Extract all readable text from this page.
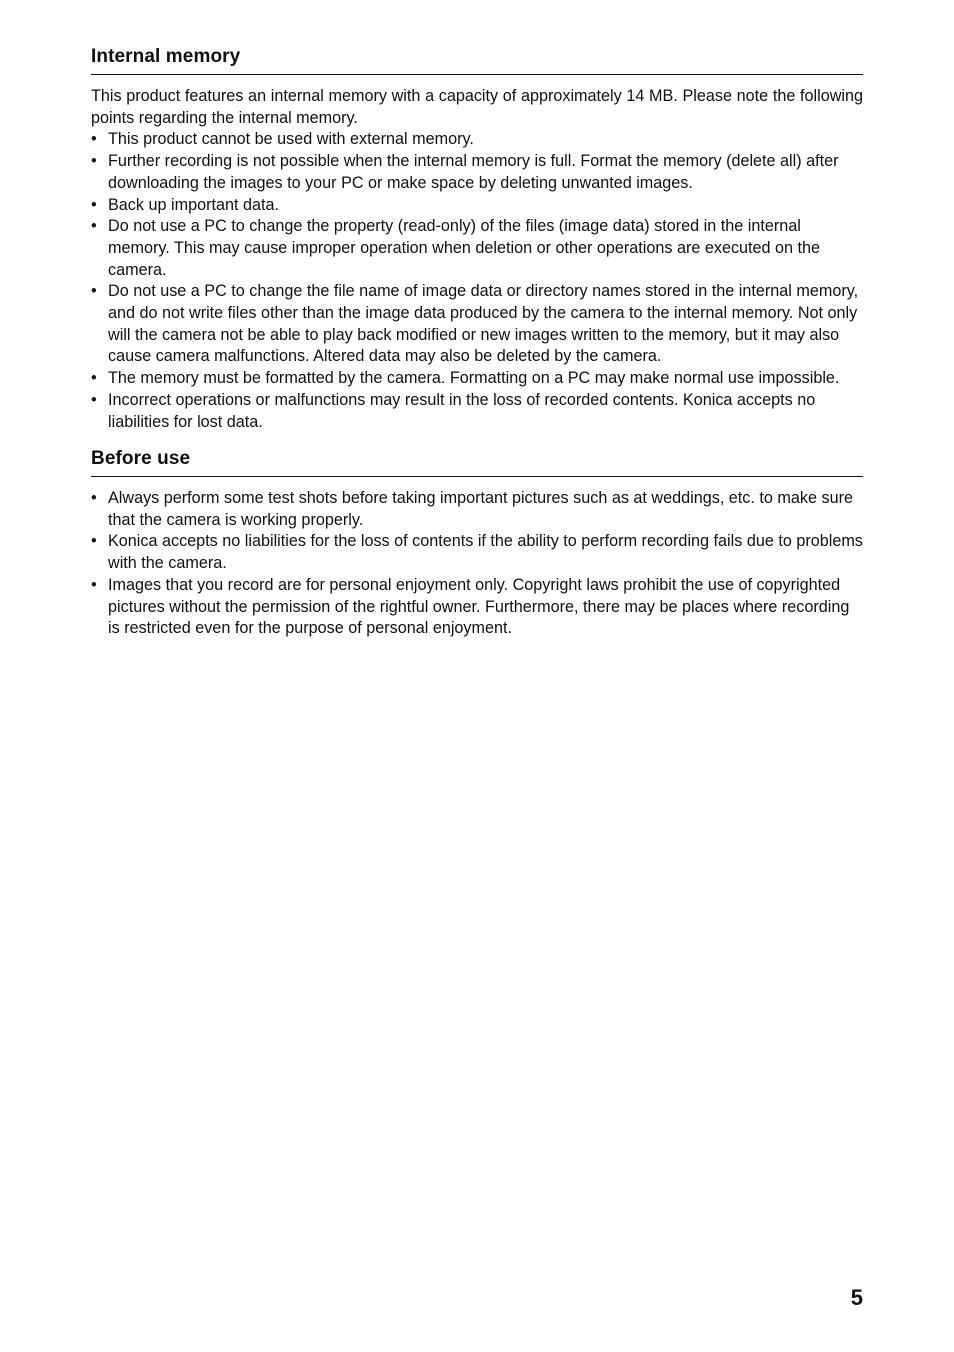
Internal memory

This product features an internal memory with a capacity of approximately 14 MB. Please note the following points regarding the internal memory.

• This product cannot be used with external memory.
• Further recording is not possible when the internal memory is full. Format the memory (delete all) after downloading the images to your PC or make space by deleting unwanted images.
• Back up important data.
• Do not use a PC to change the property (read-only) of the files (image data) stored in the internal memory. This may cause improper operation when deletion or other operations are executed on the camera.
• Do not use a PC to change the file name of image data or directory names stored in the internal memory, and do not write files other than the image data produced by the camera to the internal memory. Not only will the camera not be able to play back modified or new images written to the memory, but it may also cause camera malfunctions. Altered data may also be deleted by the camera.
• The memory must be formatted by the camera. Formatting on a PC may make normal use impossible.
• Incorrect operations or malfunctions may result in the loss of recorded contents. Konica accepts no liabilities for lost data.
Before use
• Always perform some test shots before taking important pictures such as at weddings, etc. to make sure that the camera is working properly.
• Konica accepts no liabilities for the loss of contents if the ability to perform recording fails due to problems with the camera.
• Images that you record are for personal enjoyment only. Copyright laws prohibit the use of copyrighted pictures without the permission of the rightful owner. Furthermore, there may be places where recording is restricted even for the purpose of personal enjoyment.
5
